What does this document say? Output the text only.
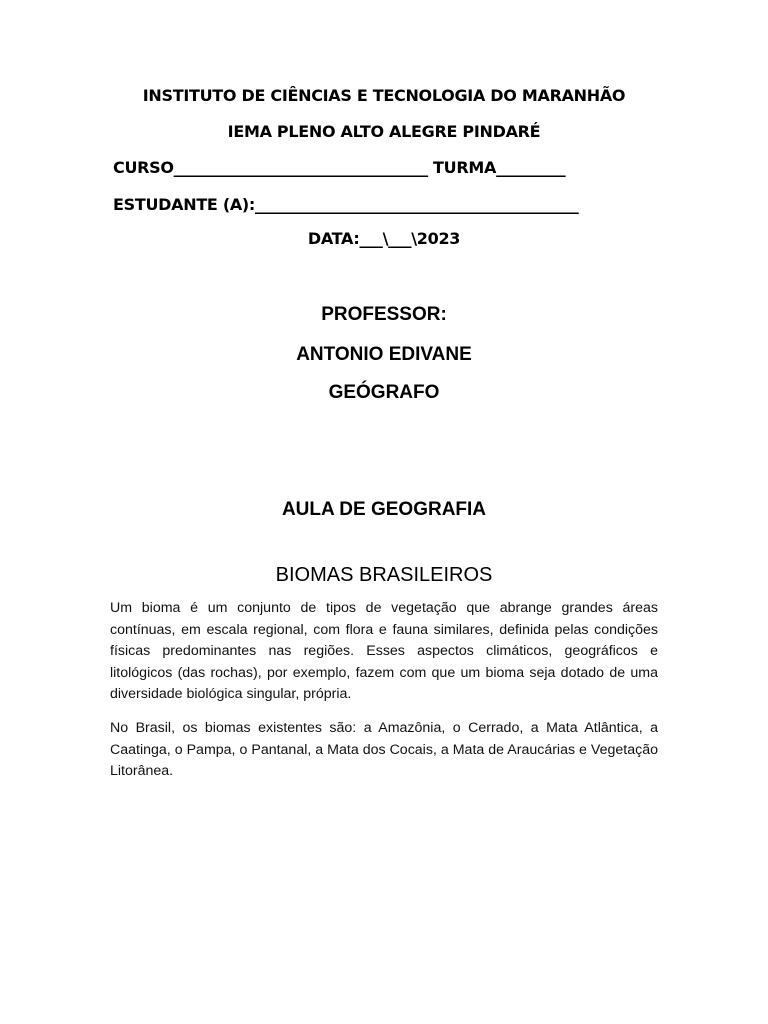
INSTITUTO DE CIÊNCIAS E TECNOLOGIA DO MARANHÃO
IEMA PLENO ALTO ALEGRE PINDARÉ
CURSO_________________________________ TURMA_________
ESTUDANTE (A):__________________________________________
DATA:___\___\2023
PROFESSOR:
ANTONIO EDIVANE
GEÓGRAFO
AULA DE GEOGRAFIA
BIOMAS BRASILEIROS
Um bioma é um conjunto de tipos de vegetação que abrange grandes áreas contínuas, em escala regional, com flora e fauna similares, definida pelas condições físicas predominantes nas regiões. Esses aspectos climáticos, geográficos e litológicos (das rochas), por exemplo, fazem com que um bioma seja dotado de uma diversidade biológica singular, própria.
No Brasil, os biomas existentes são: a Amazônia, o Cerrado, a Mata Atlântica, a Caatinga, o Pampa, o Pantanal, a Mata dos Cocais, a Mata de Araucárias e Vegetação Litorânea.
